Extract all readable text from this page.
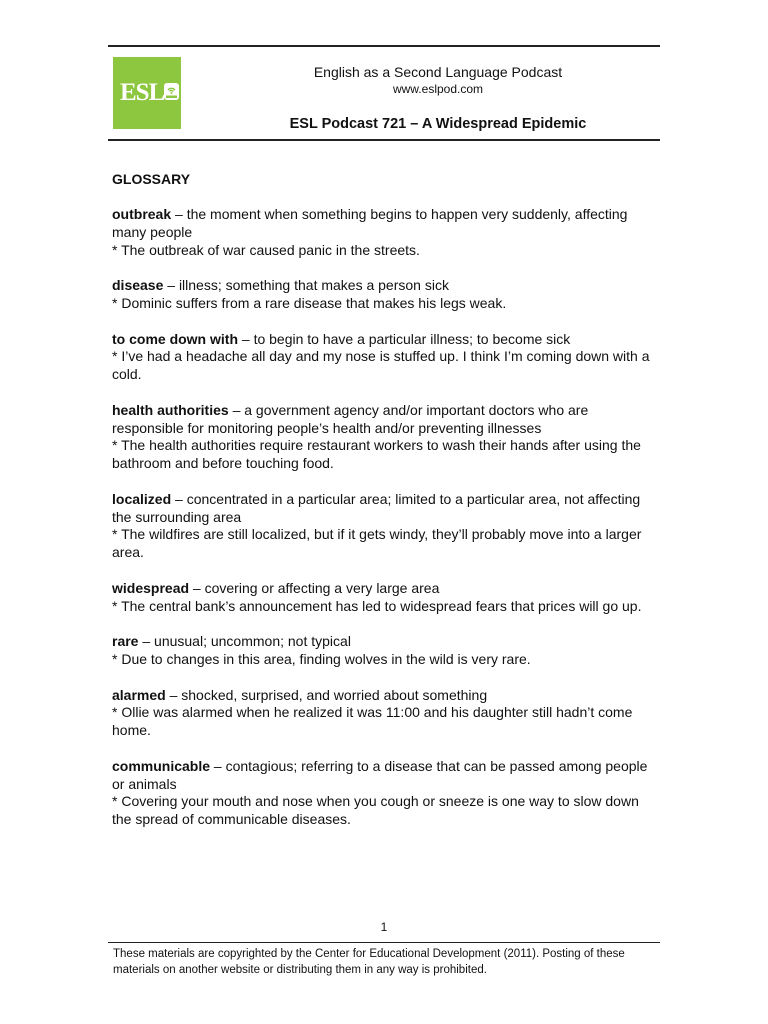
ESL
English as a Second Language Podcast
www.eslpod.com
ESL Podcast 721 – A Widespread Epidemic
GLOSSARY
outbreak – the moment when something begins to happen very suddenly, affecting many people
* The outbreak of war caused panic in the streets.
disease – illness; something that makes a person sick
* Dominic suffers from a rare disease that makes his legs weak.
to come down with – to begin to have a particular illness; to become sick
* I’ve had a headache all day and my nose is stuffed up. I think I’m coming down with a cold.
health authorities – a government agency and/or important doctors who are responsible for monitoring people’s health and/or preventing illnesses
* The health authorities require restaurant workers to wash their hands after using the bathroom and before touching food.
localized – concentrated in a particular area; limited to a particular area, not affecting the surrounding area
* The wildfires are still localized, but if it gets windy, they’ll probably move into a larger area.
widespread – covering or affecting a very large area
* The central bank’s announcement has led to widespread fears that prices will go up.
rare – unusual; uncommon; not typical
* Due to changes in this area, finding wolves in the wild is very rare.
alarmed – shocked, surprised, and worried about something
* Ollie was alarmed when he realized it was 11:00 and his daughter still hadn’t come home.
communicable – contagious; referring to a disease that can be passed among people or animals
* Covering your mouth and nose when you cough or sneeze is one way to slow down the spread of communicable diseases.
1
These materials are copyrighted by the Center for Educational Development (2011). Posting of these materials on another website or distributing them in any way is prohibited.
